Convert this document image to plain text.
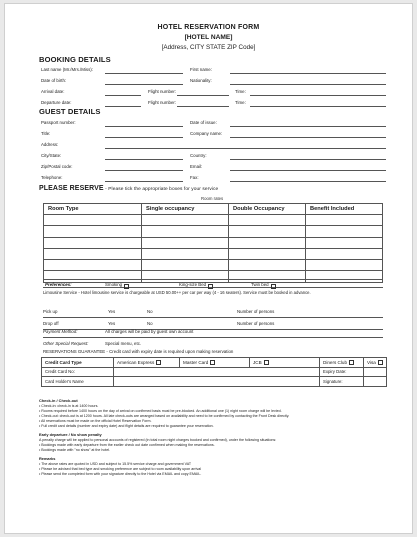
HOTEL RESERVATION FORM
[HOTEL NAME]
[Address, CITY STATE ZIP Code]
BOOKING DETAILS
Last name (Mr./Mrs./Miss):	First name:
Date of birth:	Nationality:
Arrival date:	Flight number:	Time:
Departure date:	Flight number:	Time:
GUEST DETAILS
Passport number:	Date of issue:
Title:	Company name:
Address:
City/State:	Country:
Zip/Postal code:	Email:
Telephone:	Fax:
PLEASE RESERVE - Please tick the appropriate boxes for your service
Room rates
Room Type	Single occupancy	Double Occupancy	Benefit Included

Preferences:	Smoking	King-size Bed	Twin bed
Limousine Service - Hotel limousine service is chargeable at USD 50.00++ per car per way (4 - 16 seaters). Service must be booked in advance.
Pick up	Yes	No	Number of persons
Drop off	Yes	No	Number of persons
Payment Method:	All charges will be paid by guest own account
Other Special Request:	Special menu, etc.
RESERVATIONS GUARANTEE - Credit card with expiry date is required upon making reservation
Credit Card Type	American Express	Master Card	JCB	Diners Club	Visa
Credit Card No:				Expiry Date:	
Card Holder's Name				Signature:	
Check-in / Check-out
• Check-in: check-in is at 1400 hours.
• Rooms required before 1400 hours on the day of arrival on confirmed basis must be pre-blocked. An additional one (1) night room charge will be levied.
• Check-out: check-out is at 1200 hours. All late check-outs are arranged based on availability and need to be confirmed by contacting the Front Desk directly.
• All reservations must be made on the official Hotel Reservation Form.
• Full credit card details (number and expiry date) and flight details are required to guarantee your reservation.
Early departure / No show penalty
A penalty charge will be applied to personal accounts of registered (in total room night charges booked and confirmed), under the following situations:
• Bookings made with early departure from the earlier check out date confirmed when making the reservations.
• Bookings made with "no show" at the hotel.
Remarks
• The above rates are quoted in USD and subject to 15.5% service charge and government VAT
• Please be advised that bed type and smoking preference are subject to room availability upon arrival
• Please send the completed form with your signature directly to the Hotel via EMAIL and copy EMAIL.
